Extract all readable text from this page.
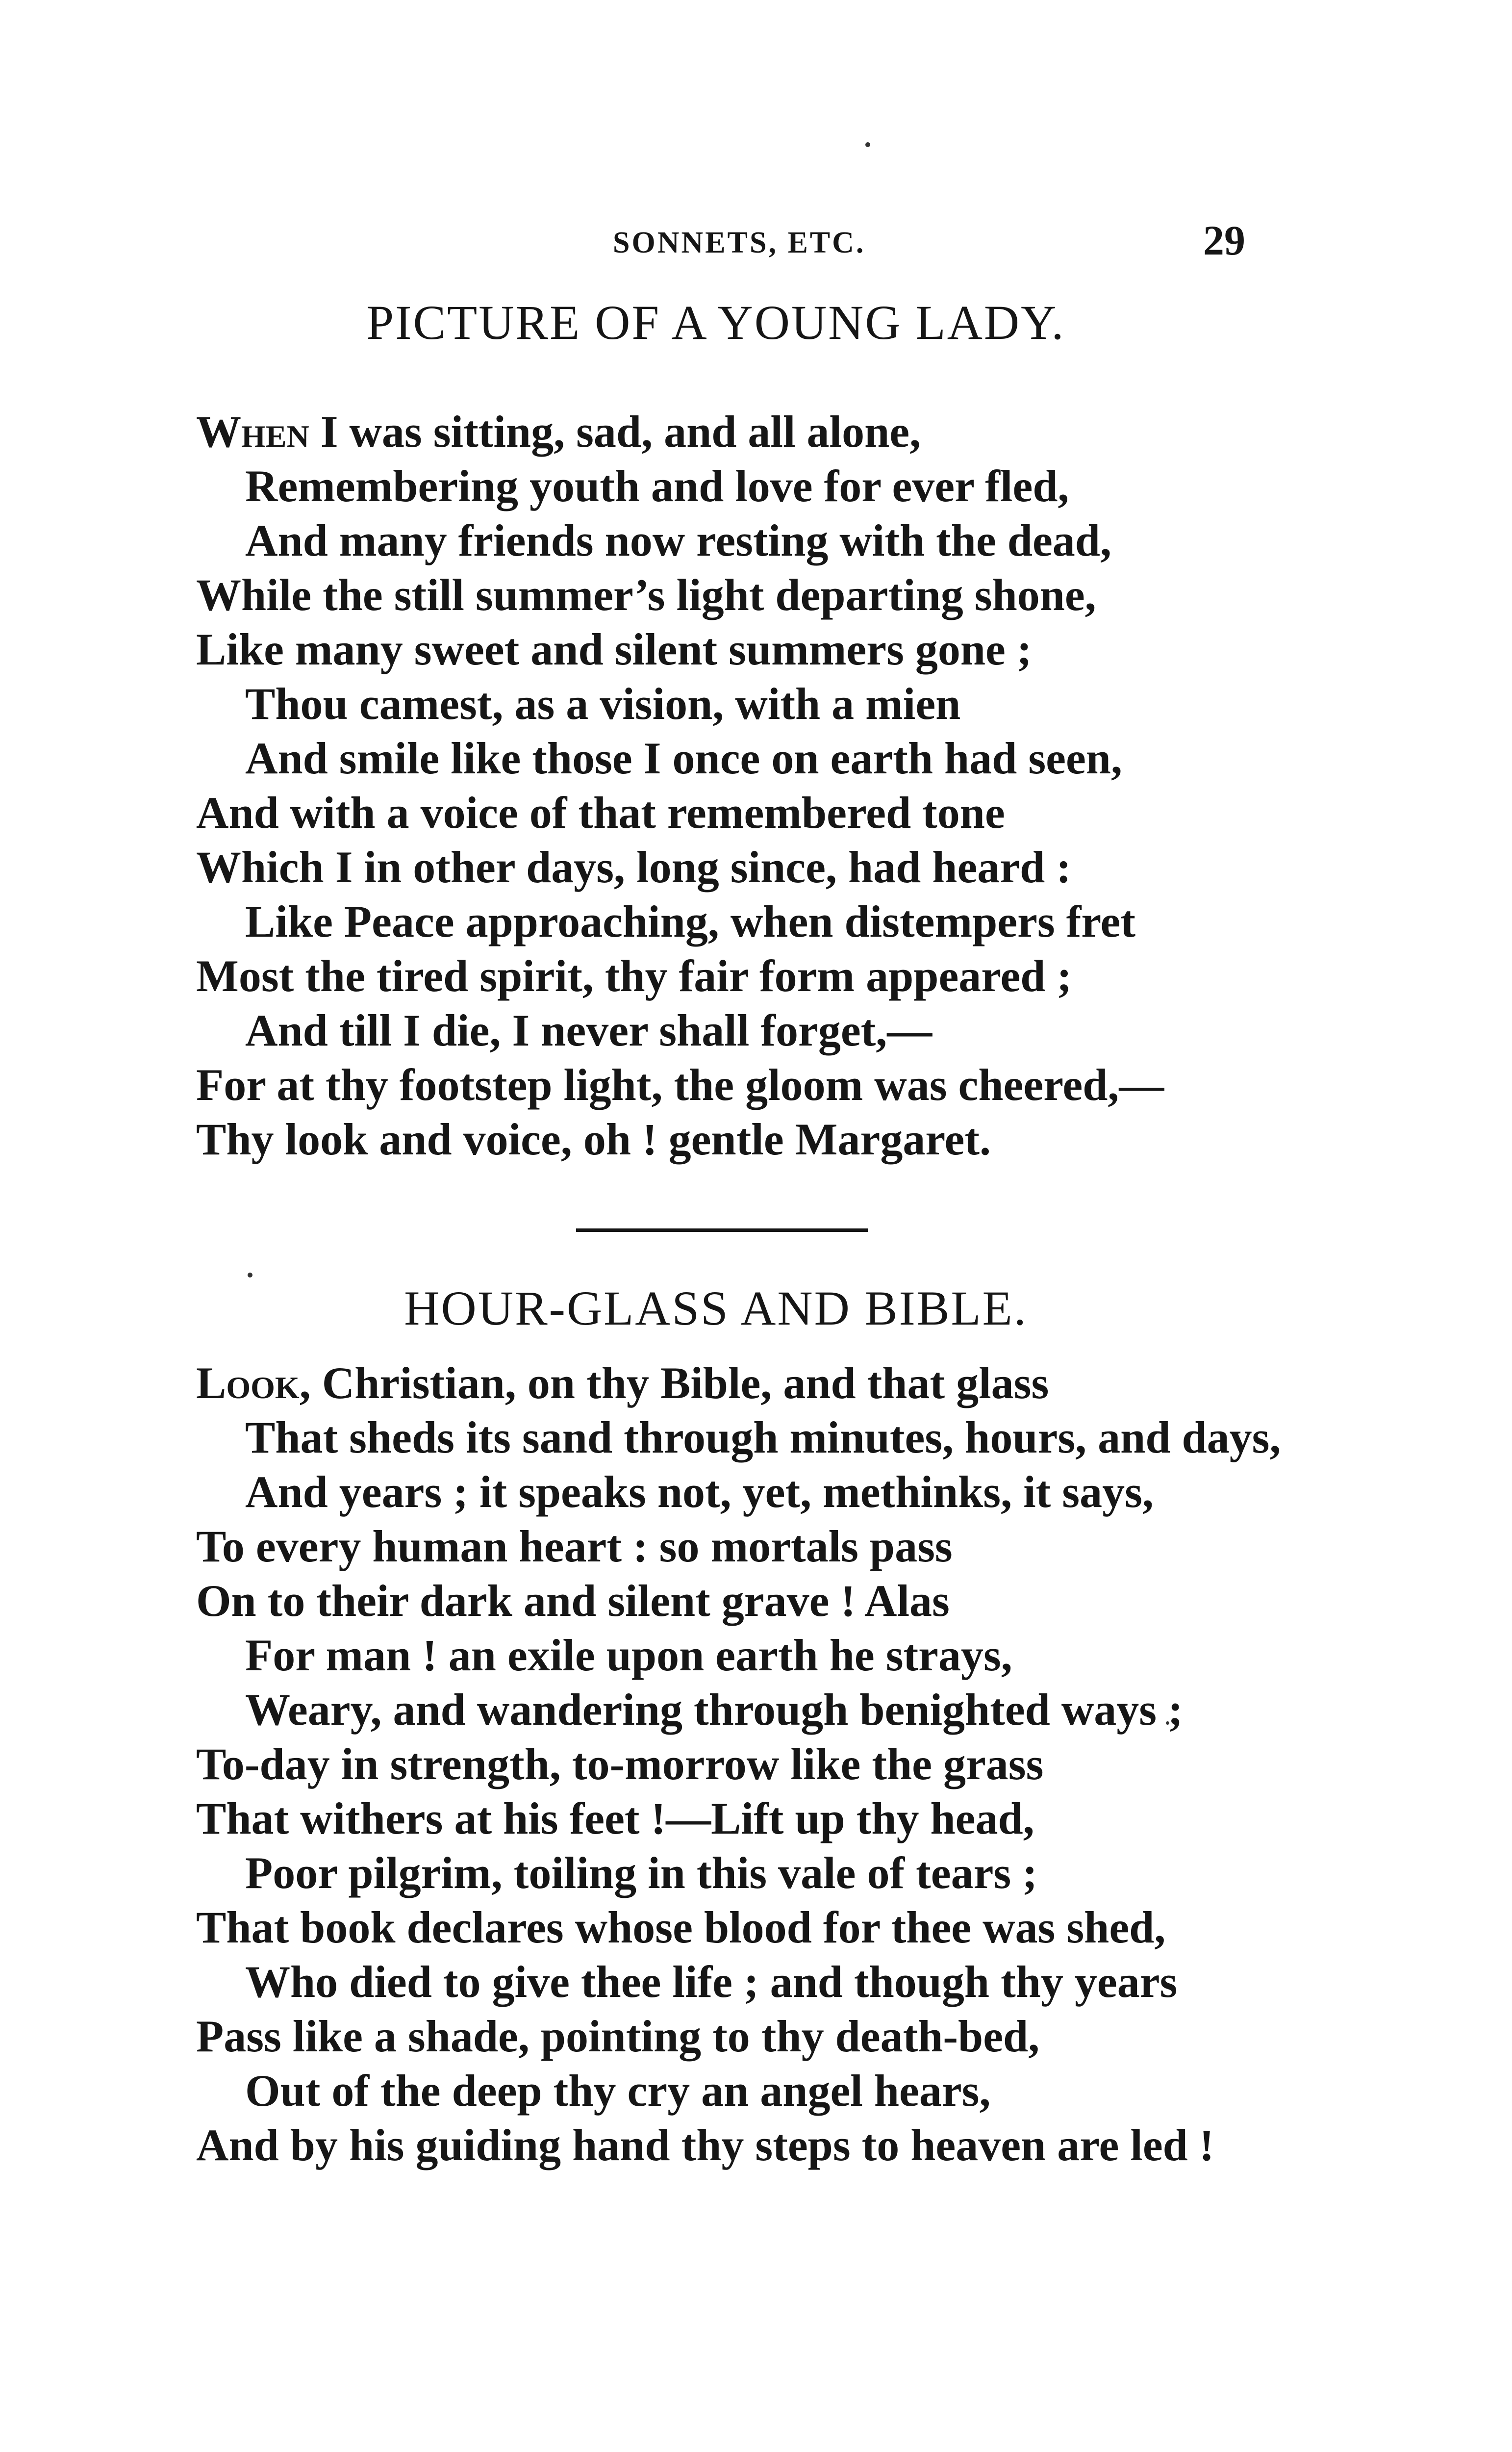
SONNETS, ETC.	29
PICTURE OF A YOUNG LADY.
When I was sitting, sad, and all alone,
Remembering youth and love for ever fled,
And many friends now resting with the dead,
While the still summer’s light departing shone,
Like many sweet and silent summers gone ;
Thou camest, as a vision, with a mien
And smile like those I once on earth had seen,
And with a voice of that remembered tone
Which I in other days, long since, had heard :
Like Peace approaching, when distempers fret
Most the tired spirit, thy fair form appeared ;
And till I die, I never shall forget,—
For at thy footstep light, the gloom was cheered,—
Thy look and voice, oh ! gentle Margaret.
HOUR-GLASS AND BIBLE.
Look, Christian, on thy Bible, and that glass
That sheds its sand through minutes, hours, and days,
And years ; it speaks not, yet, methinks, it says,
To every human heart : so mortals pass
On to their dark and silent grave ! Alas
For man ! an exile upon earth he strays,
Weary, and wandering through benighted ways ;
To-day in strength, to-morrow like the grass
That withers at his feet !—Lift up thy head,
Poor pilgrim, toiling in this vale of tears ;
That book declares whose blood for thee was shed,
Who died to give thee life ; and though thy years
Pass like a shade, pointing to thy death-bed,
Out of the deep thy cry an angel hears,
And by his guiding hand thy steps to heaven are led !
